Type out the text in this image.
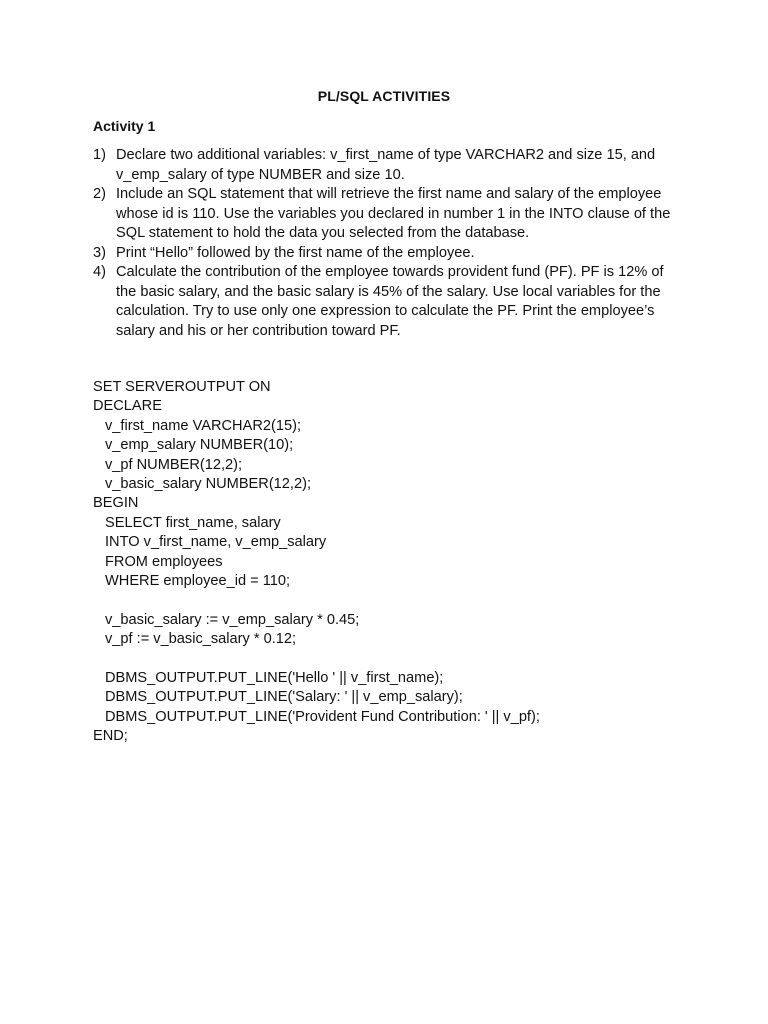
PL/SQL ACTIVITIES
Activity 1
1) Declare two additional variables: v_first_name of type VARCHAR2 and size 15, and v_emp_salary of type NUMBER and size 10.
2) Include an SQL statement that will retrieve the first name and salary of the employee whose id is 110. Use the variables you declared in number 1 in the INTO clause of the SQL statement to hold the data you selected from the database.
3) Print “Hello” followed by the first name of the employee.
4) Calculate the contribution of the employee towards provident fund (PF). PF is 12% of the basic salary, and the basic salary is 45% of the salary. Use local variables for the calculation. Try to use only one expression to calculate the PF. Print the employee’s salary and his or her contribution toward PF.
SET SERVEROUTPUT ON
DECLARE
v_first_name VARCHAR2(15);
v_emp_salary NUMBER(10);
v_pf NUMBER(12,2);
v_basic_salary NUMBER(12,2);
BEGIN
SELECT first_name, salary
INTO v_first_name, v_emp_salary
FROM employees
WHERE employee_id = 110;
v_basic_salary := v_emp_salary * 0.45;
v_pf := v_basic_salary * 0.12;
DBMS_OUTPUT.PUT_LINE('Hello ' || v_first_name);
DBMS_OUTPUT.PUT_LINE('Salary: ' || v_emp_salary);
DBMS_OUTPUT.PUT_LINE('Provident Fund Contribution: ' || v_pf);
END;
